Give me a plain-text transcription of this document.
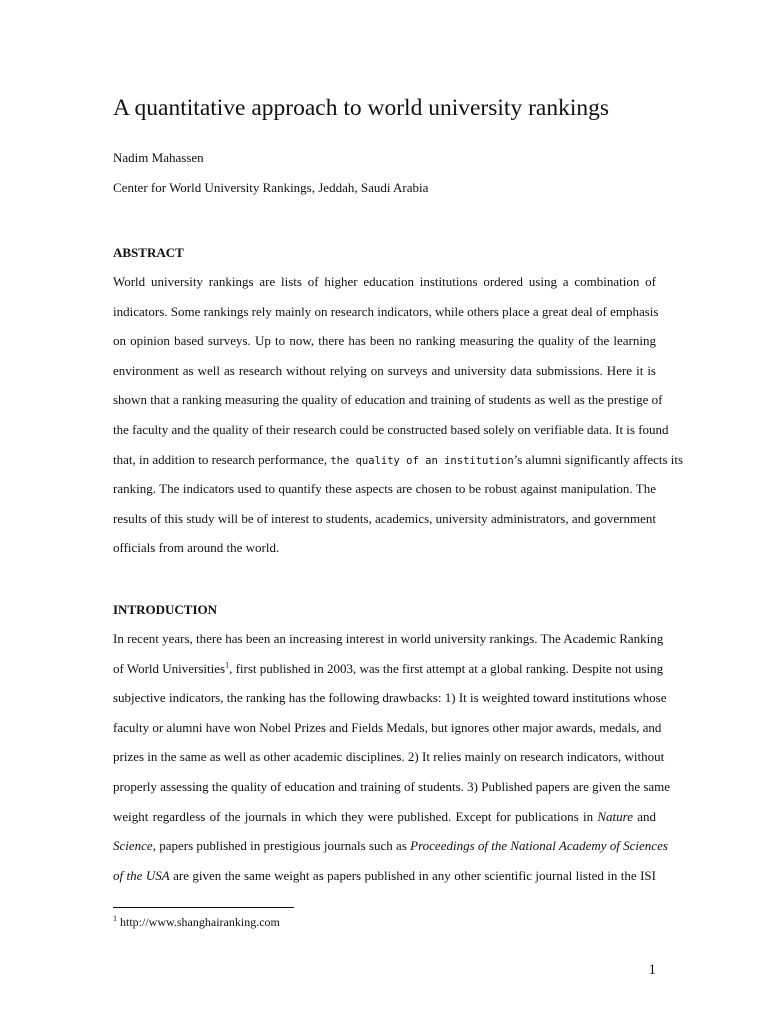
A quantitative approach to world university rankings

Nadim Mahassen

Center for World University Rankings, Jeddah, Saudi Arabia

ABSTRACT
World university rankings are lists of higher education institutions ordered using a combination of
indicators. Some rankings rely mainly on research indicators, while others place a great deal of emphasis
on opinion based surveys. Up to now, there has been no ranking measuring the quality of the learning
environment as well as research without relying on surveys and university data submissions. Here it is
shown that a ranking measuring the quality of education and training of students as well as the prestige of
the faculty and the quality of their research could be constructed based solely on verifiable data. It is found
that, in addition to research performance, the quality of an institution’s alumni significantly affects its
ranking. The indicators used to quantify these aspects are chosen to be robust against manipulation. The
results of this study will be of interest to students, academics, university administrators, and government
officials from around the world.
INTRODUCTION
In recent years, there has been an increasing interest in world university rankings. The Academic Ranking
of World Universities$^1$, first published in 2003, was the first attempt at a global ranking. Despite not using
subjective indicators, the ranking has the following drawbacks: 1) It is weighted toward institutions whose
faculty or alumni have won Nobel Prizes and Fields Medals, but ignores other major awards, medals, and
prizes in the same as well as other academic disciplines. 2) It relies mainly on research indicators, without
properly assessing the quality of education and training of students. 3) Published papers are given the same
weight regardless of the journals in which they were published. Except for publications in Nature and
Science, papers published in prestigious journals such as Proceedings of the National Academy of Sciences
of the USA are given the same weight as papers published in any other scientific journal listed in the ISI

$^1$ http://www.shanghairanking.com

1
